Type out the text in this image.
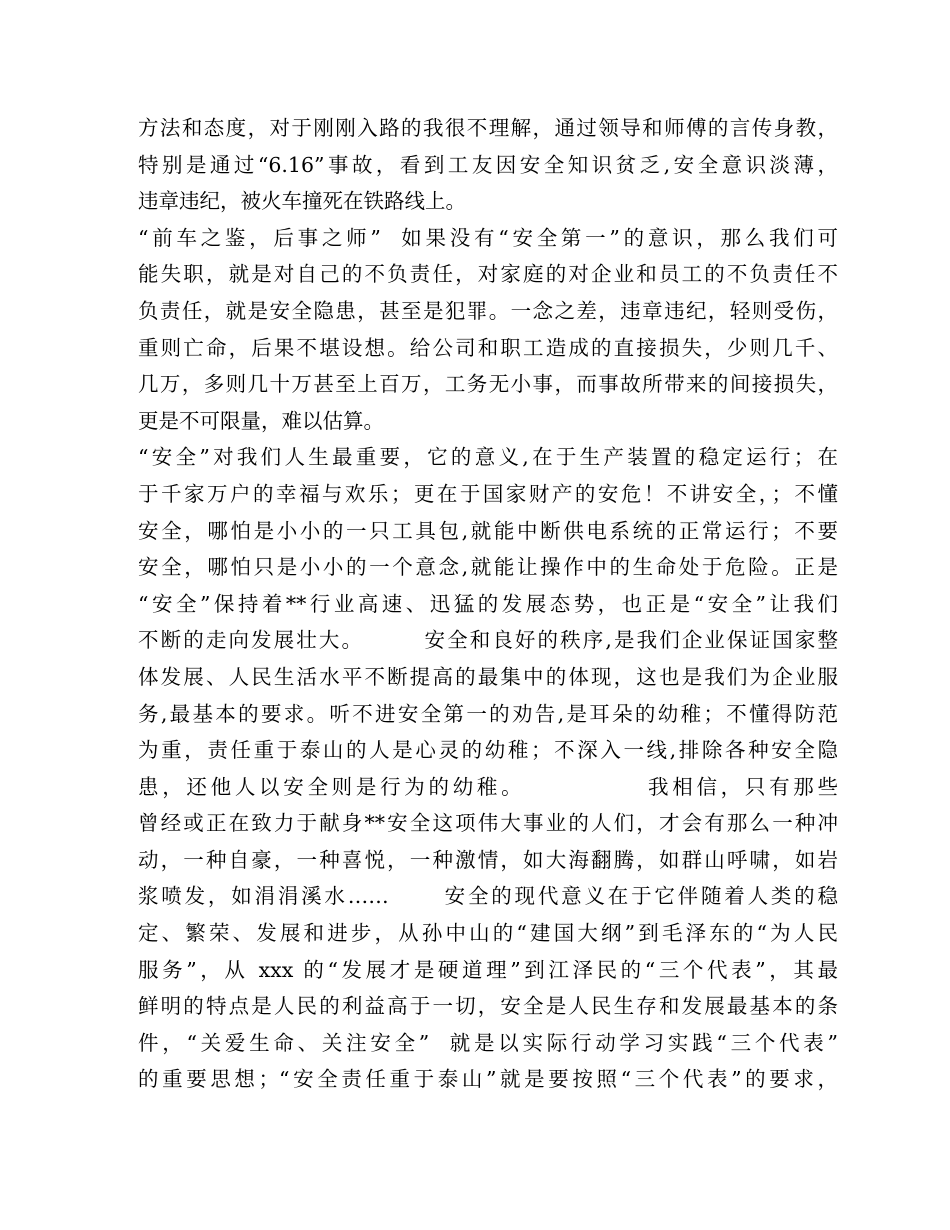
方法和态度，对于刚刚入路的我很不理解，通过领导和师傅的言传身教，
特别是通过“6.16”事故，看到工友因安全知识贫乏,安全意识淡薄，
违章违纪，被火车撞死在铁路线上。
“前车之鉴，后事之师”  如果没有“安全第一”的意识，那么我们可
能失职，就是对自己的不负责任，对家庭的对企业和员工的不负责任不
负责任，就是安全隐患，甚至是犯罪。一念之差，违章违纪，轻则受伤，
重则亡命，后果不堪设想。给公司和职工造成的直接损失，少则几千、
几万，多则几十万甚至上百万，工务无小事，而事故所带来的间接损失，
更是不可限量，难以估算。
“安全”对我们人生最重要，它的意义,在于生产装置的稳定运行；在
于千家万户的幸福与欢乐；更在于国家财产的安危！不讲安全，；不懂
安全，哪怕是小小的一只工具包,就能中断供电系统的正常运行；不要
安全，哪怕只是小小的一个意念,就能让操作中的生命处于危险。正是
“安全”保持着**行业高速、迅猛的发展态势，也正是“安全”让我们
不断的走向发展壮大。       安全和良好的秩序,是我们企业保证国家整
体发展、人民生活水平不断提高的最集中的体现，这也是我们为企业服
务,最基本的要求。听不进安全第一的劝告,是耳朵的幼稚；不懂得防范
为重，责任重于泰山的人是心灵的幼稚；不深入一线,排除各种安全隐
患，还他人以安全则是行为的幼稚。            我相信，只有那些
曾经或正在致力于献身**安全这项伟大事业的人们，才会有那么一种冲
动，一种自豪，一种喜悦，一种激情，如大海翻腾，如群山呼啸，如岩
浆喷发，如涓涓溪水……      安全的现代意义在于它伴随着人类的稳
定、繁荣、发展和进步，从孙中山的“建国大纲”到毛泽东的“为人民
服务”，从 xxx 的“发展才是硬道理”到江泽民的“三个代表”，其最
鲜明的特点是人民的利益高于一切，安全是人民生存和发展最基本的条
件，“关爱生命、关注安全”  就是以实际行动学习实践“三个代表”
的重要思想；“安全责任重于泰山”就是要按照“三个代表”的要求，
